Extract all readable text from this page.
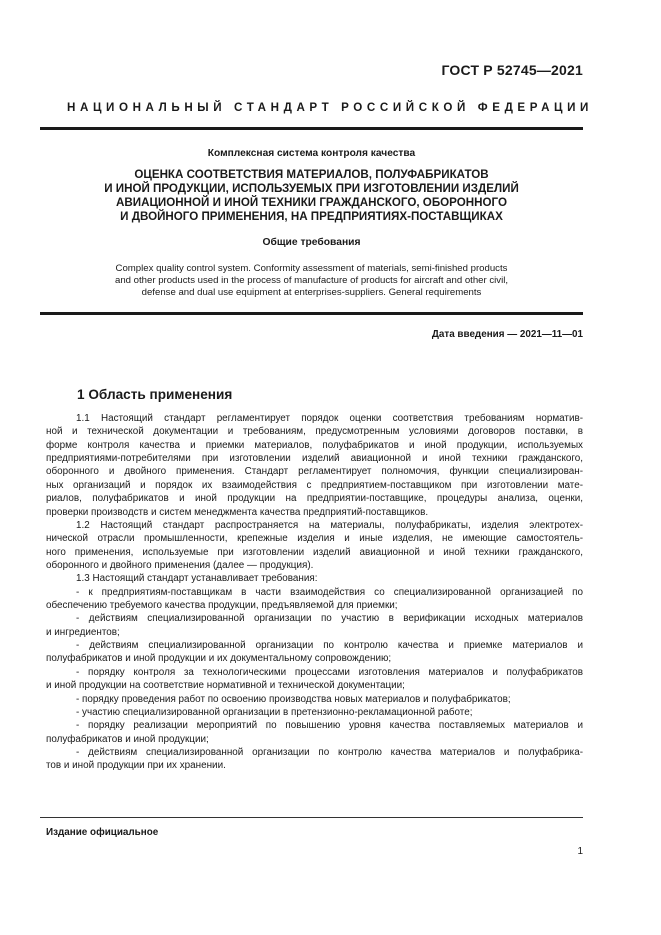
ГОСТ Р 52745—2021
НАЦИОНАЛЬНЫЙ СТАНДАРТ РОССИЙСКОЙ ФЕДЕРАЦИИ
Комплексная система контроля качества
ОЦЕНКА СООТВЕТСТВИЯ МАТЕРИАЛОВ, ПОЛУФАБРИКАТОВ
И ИНОЙ ПРОДУКЦИИ, ИСПОЛЬЗУЕМЫХ ПРИ ИЗГОТОВЛЕНИИ ИЗДЕЛИЙ
АВИАЦИОННОЙ И ИНОЙ ТЕХНИКИ ГРАЖДАНСКОГО, ОБОРОННОГО
И ДВОЙНОГО ПРИМЕНЕНИЯ, НА ПРЕДПРИЯТИЯХ-ПОСТАВЩИКАХ
Общие требования
Complex quality control system. Conformity assessment of materials, semi-finished products
and other products used in the process of manufacture of products for aircraft and other civil,
defense and dual use equipment at enterprises-suppliers. General requirements
Дата введения — 2021—11—01
1 Область применения
1.1 Настоящий стандарт регламентирует порядок оценки соответствия требованиям норматив-
ной и технической документации и требованиям, предусмотренным условиями договоров поставки, в
форме контроля качества и приемки материалов, полуфабрикатов и иной продукции, используемых
предприятиями-потребителями при изготовлении изделий авиационной и иной техники гражданского,
оборонного и двойного применения. Стандарт регламентирует полномочия, функции специализирован-
ных организаций и порядок их взаимодействия с предприятием-поставщиком при изготовлении мате-
риалов, полуфабрикатов и иной продукции на предприятии-поставщике, процедуры анализа, оценки,
проверки производств и систем менеджмента качества предприятий-поставщиков.
1.2 Настоящий стандарт распространяется на материалы, полуфабрикаты, изделия электротех-
нической отрасли промышленности, крепежные изделия и иные изделия, не имеющие самостоятель-
ного применения, используемые при изготовлении изделий авиационной и иной техники гражданского,
оборонного и двойного применения (далее — продукция).
1.3 Настоящий стандарт устанавливает требования:
- к предприятиям-поставщикам в части взаимодействия со специализированной организацией по
обеспечению требуемого качества продукции, предъявляемой для приемки;
- действиям специализированной организации по участию в верификации исходных материалов
и ингредиентов;
- действиям специализированной организации по контролю качества и приемке материалов и
полуфабрикатов и иной продукции и их документальному сопровождению;
- порядку контроля за технологическими процессами изготовления материалов и полуфабрикатов
и иной продукции на соответствие нормативной и технической документации;
- порядку проведения работ по освоению производства новых материалов и полуфабрикатов;
- участию специализированной организации в претензионно-рекламационной работе;
- порядку реализации мероприятий по повышению уровня качества поставляемых материалов и
полуфабрикатов и иной продукции;
- действиям специализированной организации по контролю качества материалов и полуфабрика-
тов и иной продукции при их хранении.
Издание официальное
1
